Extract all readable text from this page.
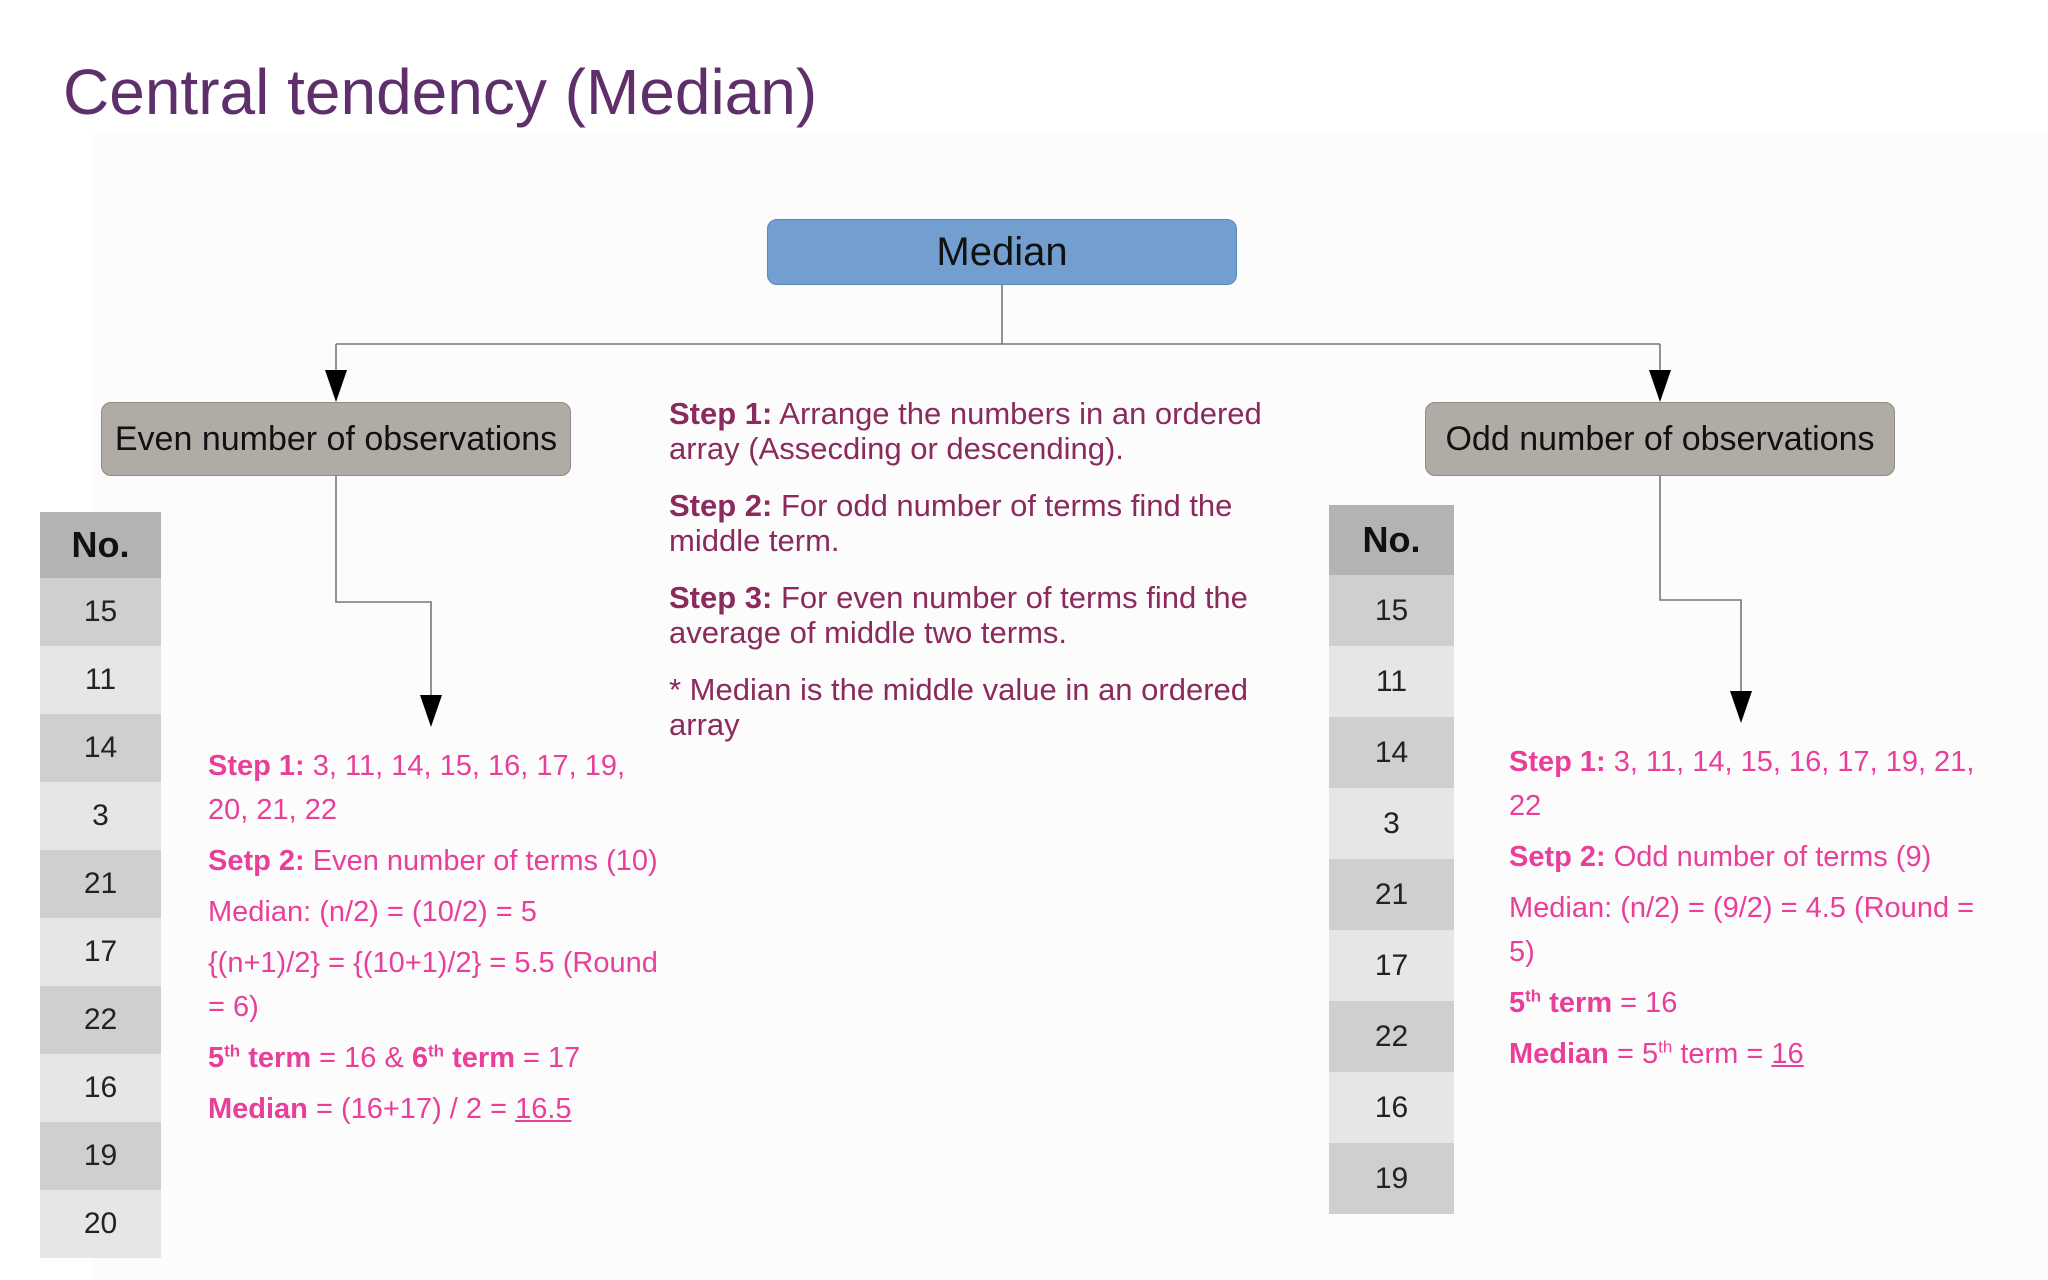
Central tendency (Median)
Median
Even number of observations	Odd number of observations

Step 1: Arrange the numbers in an ordered array (Assecding or descending).

Step 2: For odd number of terms find the middle term.

Step 3: For even number of terms find the average of middle two terms.

* Median is the middle value in an ordered array

No.
15
11
14
3
21
17
22
16
19
20
No.
15
11
14
3
21
17
22
16
19

Step 1: 3, 11, 14, 15, 16, 17, 19, 20, 21, 22

Setp 2: Even number of terms (10)

Median: (n/2) = (10/2) = 5

{(n+1)/2} = {(10+1)/2} = 5.5 (Round = 6)

5th term = 16 & 6th term = 17

Median = (16+17) / 2 = 16.5

Step 1: 3, 11, 14, 15, 16, 17, 19, 21, 22

Setp 2: Odd number of terms (9)

Median: (n/2) = (9/2) = 4.5 (Round = 5)

5th term = 16

Median = 5th term = 16
